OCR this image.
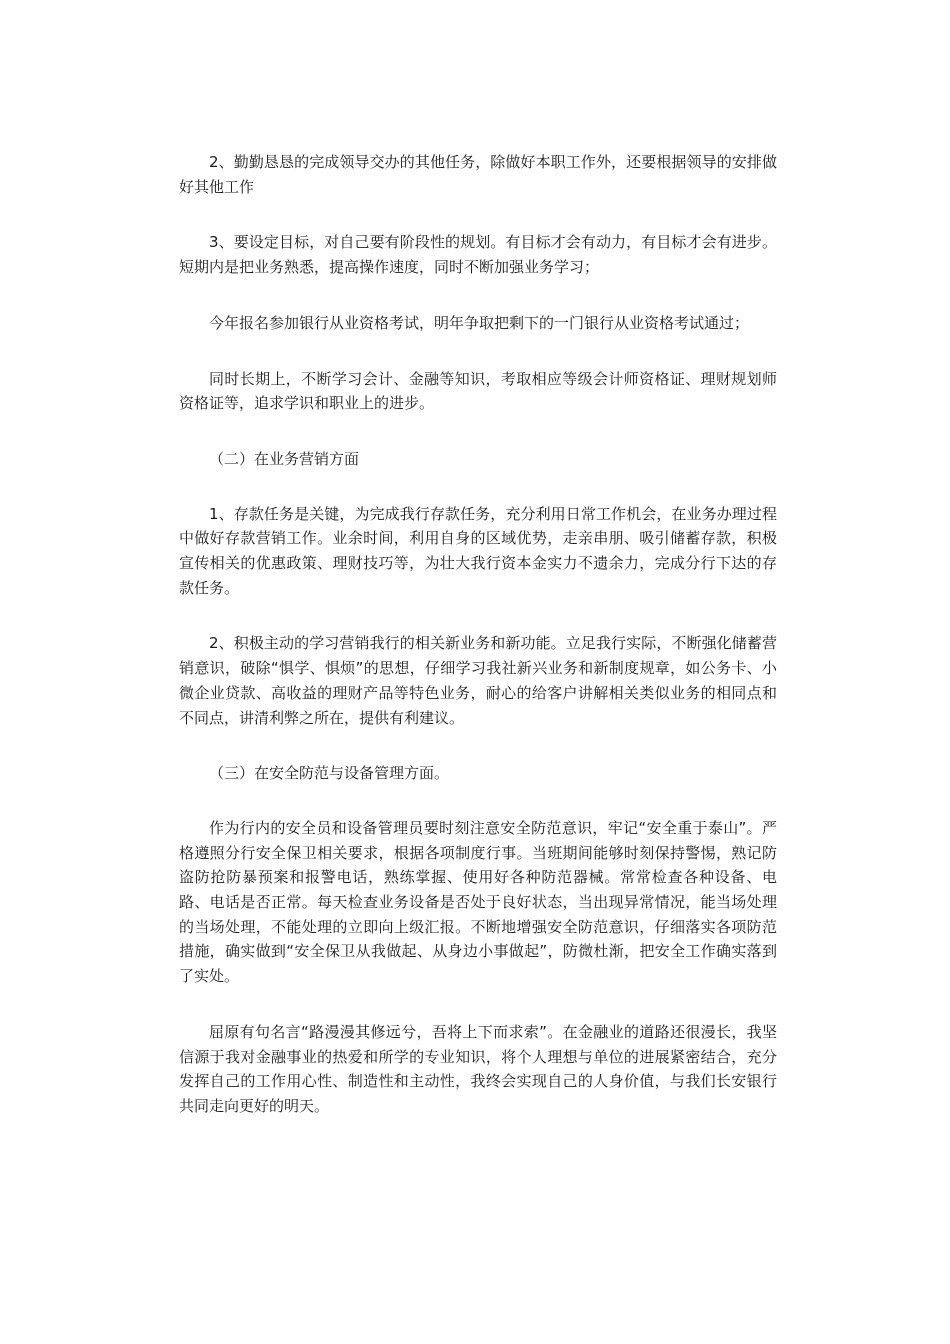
2、勤勤恳恳的完成领导交办的其他任务，除做好本职工作外，还要根据领导的安排做好其他工作

3、要设定目标，对自己要有阶段性的规划。有目标才会有动力，有目标才会有进步。短期内是把业务熟悉，提高操作速度，同时不断加强业务学习；

今年报名参加银行从业资格考试，明年争取把剩下的一门银行从业资格考试通过；

同时长期上，不断学习会计、金融等知识，考取相应等级会计师资格证、理财规划师资格证等，追求学识和职业上的进步。

（二）在业务营销方面

1、存款任务是关键，为完成我行存款任务，充分利用日常工作机会，在业务办理过程中做好存款营销工作。业余时间，利用自身的区域优势，走亲串朋、吸引储蓄存款，积极宣传相关的优惠政策、理财技巧等，为壮大我行资本金实力不遗余力，完成分行下达的存款任务。

2、积极主动的学习营销我行的相关新业务和新功能。立足我行实际，不断强化储蓄营销意识，破除“惧学、惧烦”的思想，仔细学习我社新兴业务和新制度规章，如公务卡、小微企业贷款、高收益的理财产品等特色业务，耐心的给客户讲解相关类似业务的相同点和不同点，讲清利弊之所在，提供有利建议。

（三）在安全防范与设备管理方面。

作为行内的安全员和设备管理员要时刻注意安全防范意识，牢记“安全重于泰山”。严格遵照分行安全保卫相关要求，根据各项制度行事。当班期间能够时刻保持警惕，熟记防盗防抢防暴预案和报警电话，熟练掌握、使用好各种防范器械。常常检查各种设备、电路、电话是否正常。每天检查业务设备是否处于良好状态，当出现异常情况，能当场处理的当场处理，不能处理的立即向上级汇报。不断地增强安全防范意识，仔细落实各项防范措施，确实做到“安全保卫从我做起、从身边小事做起”，防微杜渐，把安全工作确实落到了实处。

屈原有句名言“路漫漫其修远兮，吾将上下而求索”。在金融业的道路还很漫长，我坚信源于我对金融事业的热爱和所学的专业知识，将个人理想与单位的进展紧密结合，充分发挥自己的工作用心性、制造性和主动性，我终会实现自己的人身价值，与我们长安银行共同走向更好的明天。
